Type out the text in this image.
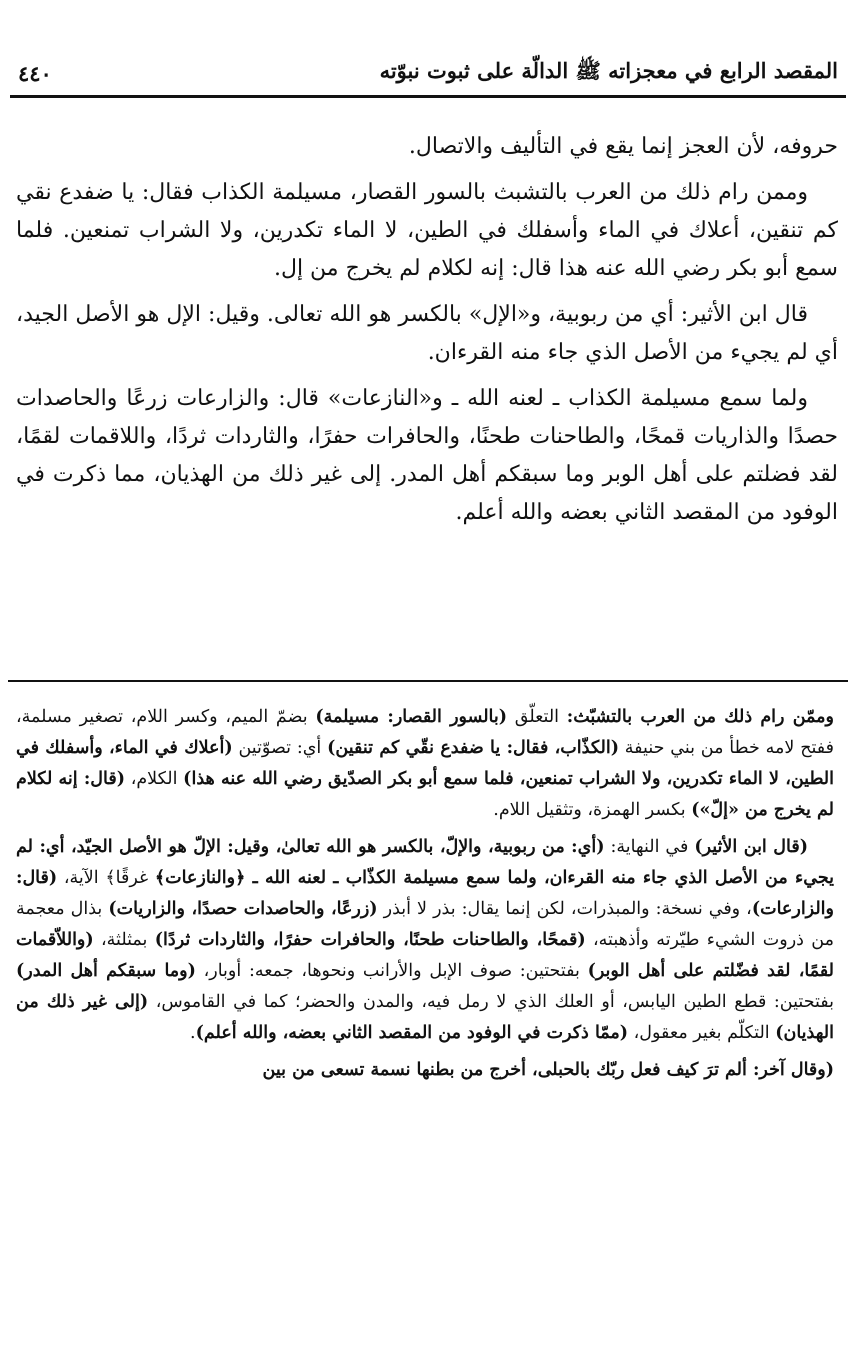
المقصد الرابع في معجزاته ﷺ الدالّة على ثبوت نبوّته
٤٤٠

حروفه، لأن العجز إنما يقع في التأليف والاتصال.

وممن رام ذلك من العرب بالتشبث بالسور القصار، مسيلمة الكذاب فقال: يا ضفدع نقي كم تنقين، أعلاك في الماء وأسفلك في الطين، لا الماء تكدرين، ولا الشراب تمنعين. فلما سمع أبو بكر رضي الله عنه هذا قال: إنه لكلام لم يخرج من إل.

قال ابن الأثير: أي من ربوبية، و«الإل» بالكسر هو الله تعالى. وقيل: الإل هو الأصل الجيد، أي لم يجيء من الأصل الذي جاء منه القرءان.

ولما سمع مسيلمة الكذاب ـ لعنه الله ـ و«النازعات» قال: والزارعات زرعًا والحاصدات حصدًا والذاريات قمحًا، والطاحنات طحنًا، والحافرات حفرًا، والثاردات ثردًا، واللاقمات لقمًا، لقد فضلتم على أهل الوبر وما سبقكم أهل المدر. إلى غير ذلك من الهذيان، مما ذكرت في الوفود من المقصد الثاني بعضه والله أعلم.

وممّن رام ذلك من العرب بالتشبّث: التعلّق (بالسور القصار: مسيلمة) بضمّ الميم، وكسر اللام، تصغير مسلمة، ففتح لامه خطأ من بني حنيفة (الكذّاب، فقال: يا ضفدع نقّي كم تنقين) أي: تصوّتين (أعلاك في الماء، وأسفلك في الطين، لا الماء تكدرين، ولا الشراب تمنعين، فلما سمع أبو بكر الصدّيق رضي الله عنه هذا) الكلام، (قال: إنه لكلام لم يخرج من «إلّ») بكسر الهمزة، وتثقيل اللام.

(قال ابن الأثير) في النهاية: (أي: من ربوبية، والإلّ، بالكسر هو الله تعالىٰ، وقيل: الإلّ هو الأصل الجيّد، أي: لم يجيء من الأصل الذي جاء منه القرءان، ولما سمع مسيلمة الكذّاب ـ لعنه الله ـ ﴿والنازعات﴾ غرقًا﴾ الآية، (قال: والزارعات)، وفي نسخة: والمبذرات، لكن إنما يقال: بذر لا أبذر (زرعًا، والحاصدات حصدًا، والزاريات) بذال معجمة من ذروت الشيء طيّرته وأذهبته، (قمحًا، والطاحنات طحنًا، والحافرات حفرًا، والثاردات ثردًا) بمثلثة، (واللاّقمات لقمًا، لقد فضّلتم على أهل الوبر) بفتحتين: صوف الإبل والأرانب ونحوها، جمعه: أوبار، (وما سبقكم أهل المدر) بفتحتين: قطع الطين اليابس، أو العلك الذي لا رمل فيه، والمدن والحضر؛ كما في القاموس، (إلى غير ذلك من الهذيان) التكلّم بغير معقول، (ممّا ذكرت في الوفود من المقصد الثاني بعضه، والله أعلم).

(وقال آخر: ألم ترَ كيف فعل ربّك بالحبلى، أخرج من بطنها نسمة تسعى من بين
